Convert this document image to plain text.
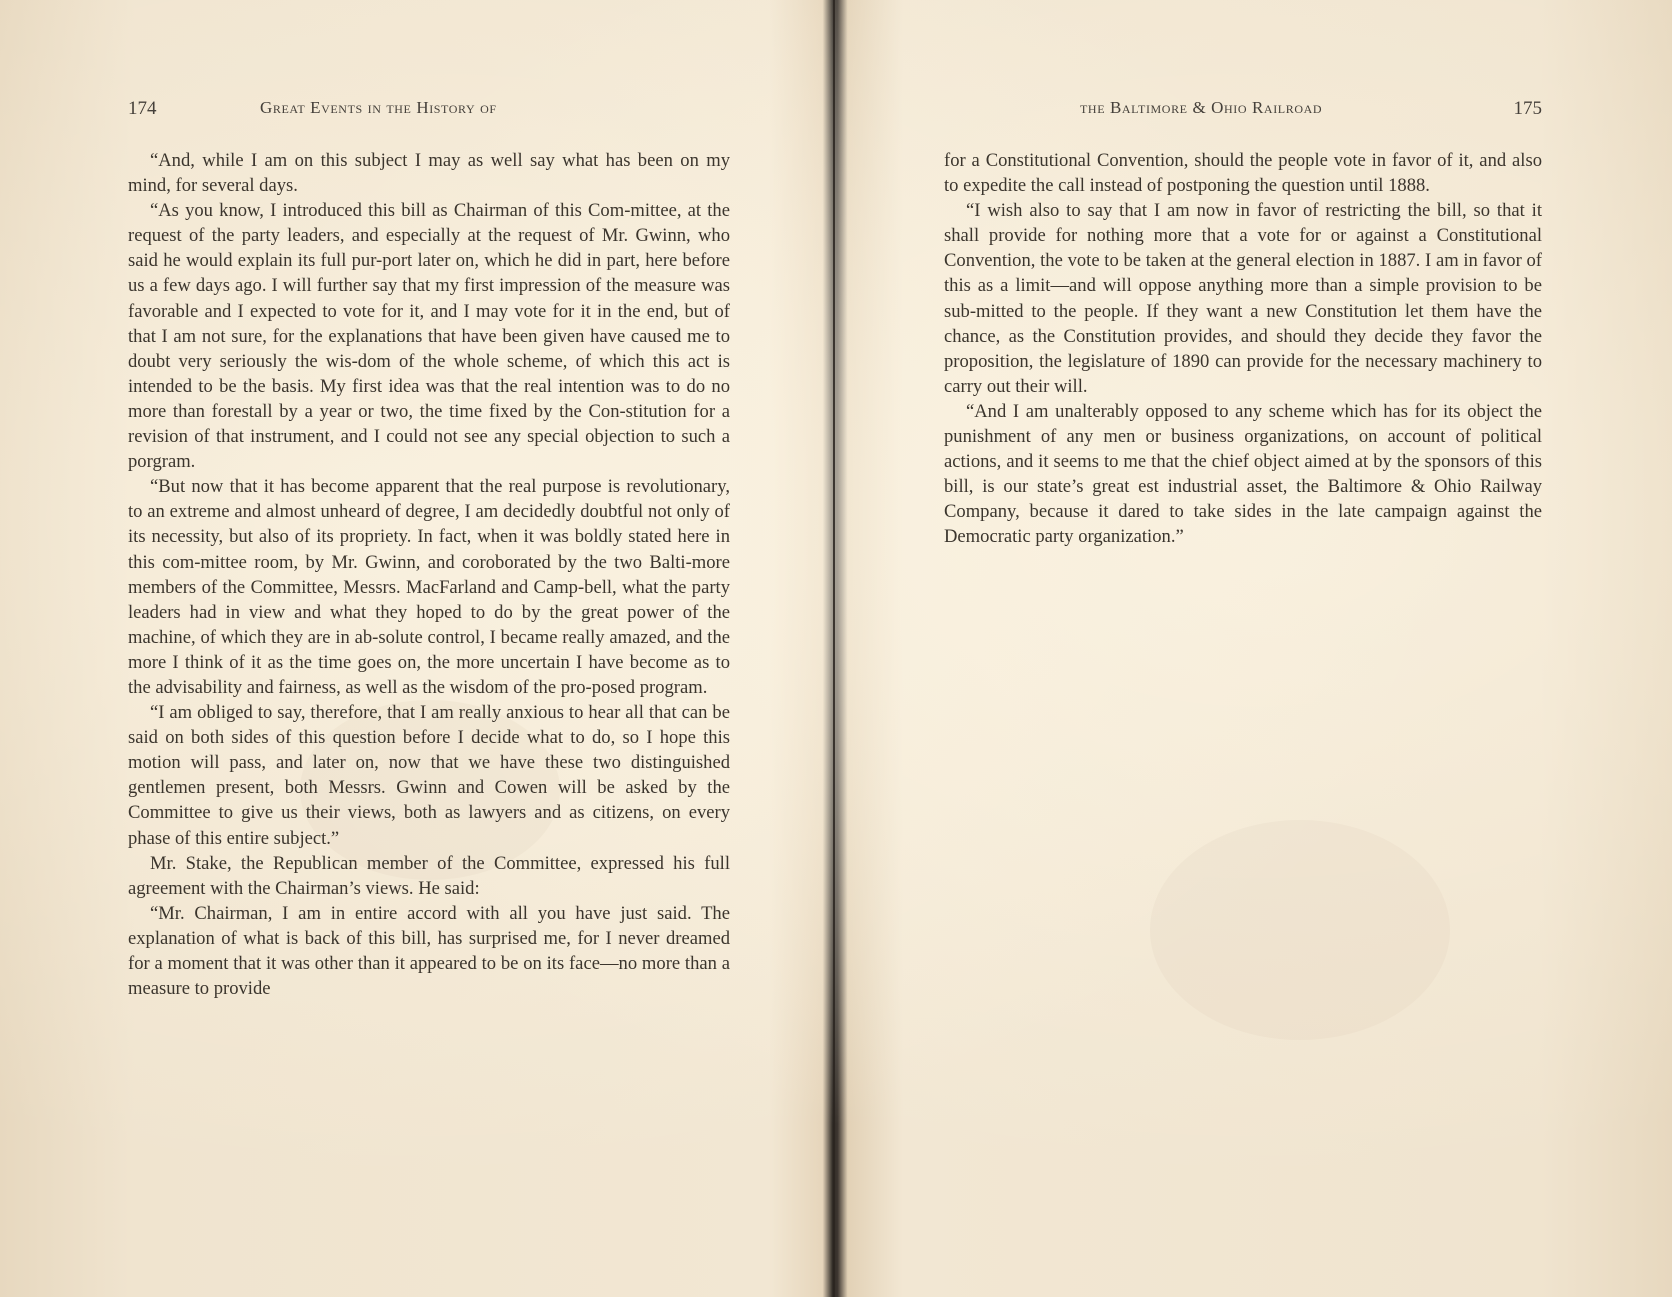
174	Great Events in the History of

“And, while I am on this subject I may as well say what has been on my mind, for several days.

“As you know, I introduced this bill as Chairman of this Com-mittee, at the request of the party leaders, and especially at the request of Mr. Gwinn, who said he would explain its full pur-port later on, which he did in part, here before us a few days ago. I will further say that my first impression of the measure was favorable and I expected to vote for it, and I may vote for it in the end, but of that I am not sure, for the explanations that have been given have caused me to doubt very seriously the wis-dom of the whole scheme, of which this act is intended to be the basis. My first idea was that the real intention was to do no more than forestall by a year or two, the time fixed by the Con-stitution for a revision of that instrument, and I could not see any special objection to such a porgram.

“But now that it has become apparent that the real purpose is revolutionary, to an extreme and almost unheard of degree, I am decidedly doubtful not only of its necessity, but also of its propriety. In fact, when it was boldly stated here in this com-mittee room, by Mr. Gwinn, and coroborated by the two Balti-more members of the Committee, Messrs. MacFarland and Camp-bell, what the party leaders had in view and what they hoped to do by the great power of the machine, of which they are in ab-solute control, I became really amazed, and the more I think of it as the time goes on, the more uncertain I have become as to the advisability and fairness, as well as the wisdom of the pro-posed program.

“I am obliged to say, therefore, that I am really anxious to hear all that can be said on both sides of this question before I decide what to do, so I hope this motion will pass, and later on, now that we have these two distinguished gentlemen present, both Messrs. Gwinn and Cowen will be asked by the Committee to give us their views, both as lawyers and as citizens, on every phase of this entire subject.”

Mr. Stake, the Republican member of the Committee, expressed his full agreement with the Chairman’s views. He said:

“Mr. Chairman, I am in entire accord with all you have just said. The explanation of what is back of this bill, has surprised me, for I never dreamed for a moment that it was other than it appeared to be on its face—no more than a measure to provide

the Baltimore & Ohio Railroad	175

for a Constitutional Convention, should the people vote in favor of it, and also to expedite the call instead of postponing the question until 1888.

“I wish also to say that I am now in favor of restricting the bill, so that it shall provide for nothing more that a vote for or against a Constitutional Convention, the vote to be taken at the general election in 1887. I am in favor of this as a limit—and will oppose anything more than a simple provision to be sub-mitted to the people. If they want a new Constitution let them have the chance, as the Constitution provides, and should they decide they favor the proposition, the legislature of 1890 can provide for the necessary machinery to carry out their will.

“And I am unalterably opposed to any scheme which has for its object the punishment of any men or business organizations, on account of political actions, and it seems to me that the chief object aimed at by the sponsors of this bill, is our state’s great est industrial asset, the Baltimore & Ohio Railway Company, because it dared to take sides in the late campaign against the Democratic party organization.”
